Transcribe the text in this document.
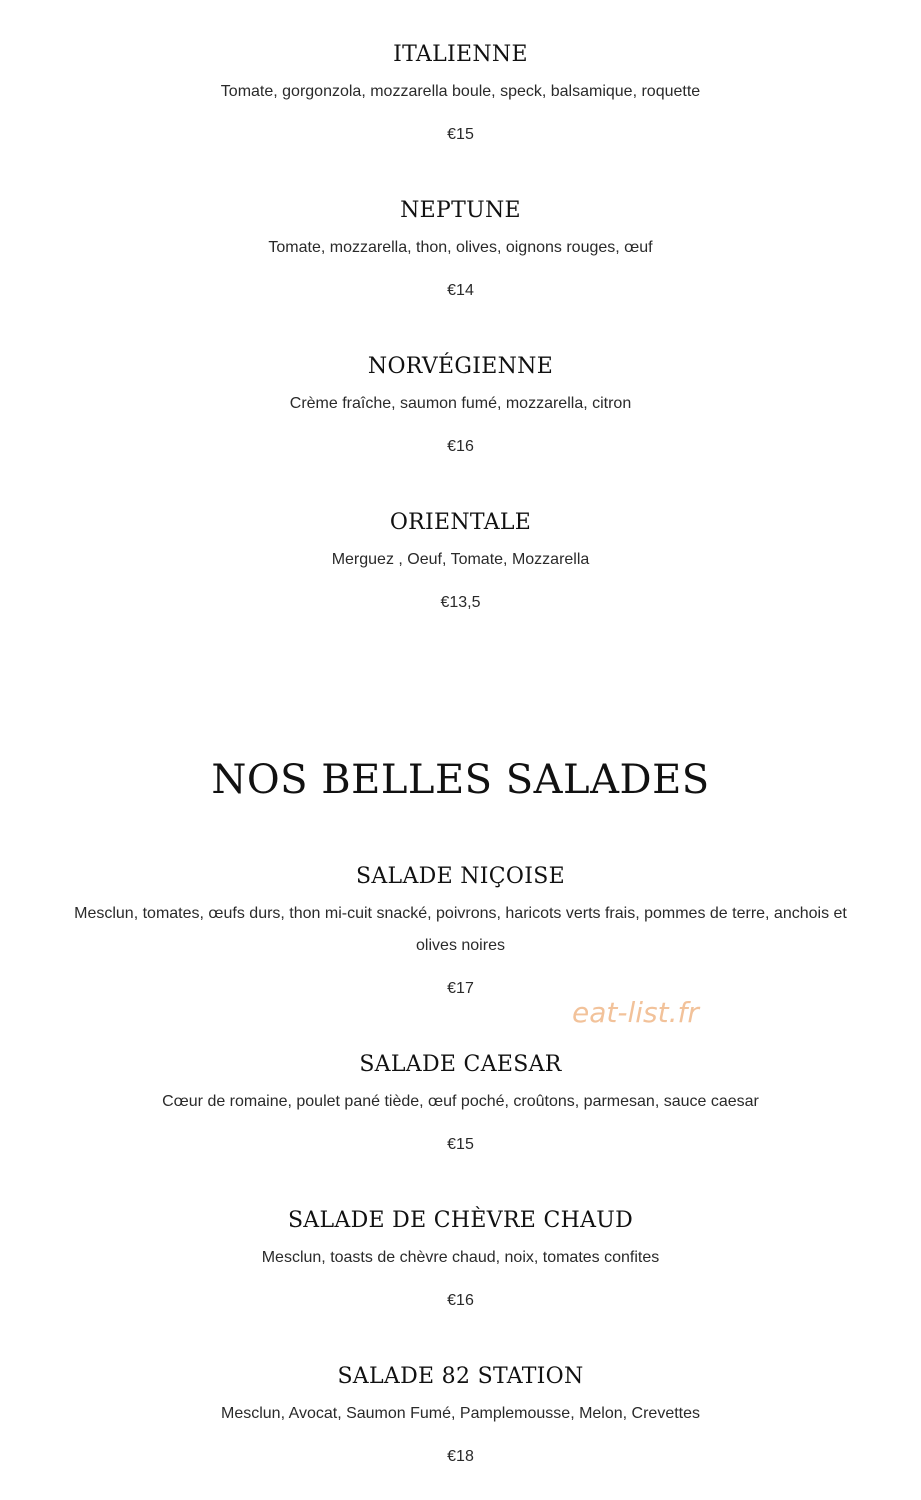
ITALIENNE
Tomate, gorgonzola, mozzarella boule, speck, balsamique, roquette
€15
NEPTUNE
Tomate, mozzarella, thon, olives, oignons rouges, œuf
€14
NORVÉGIENNE
Crème fraîche, saumon fumé, mozzarella, citron
€16
ORIENTALE
Merguez , Oeuf, Tomate, Mozzarella
€13,5
NOS BELLES SALADES
SALADE NIÇOISE
Mesclun, tomates, œufs durs, thon mi-cuit snacké, poivrons, haricots verts frais, pommes de terre, anchois et olives noires
€17
SALADE CAESAR
Cœur de romaine, poulet pané tiède, œuf poché, croûtons, parmesan, sauce caesar
€15
SALADE DE CHÈVRE CHAUD
Mesclun, toasts de chèvre chaud, noix, tomates confites
€16
SALADE 82 STATION
Mesclun, Avocat, Saumon Fumé, Pamplemousse, Melon, Crevettes
€18
eat-list.fr
